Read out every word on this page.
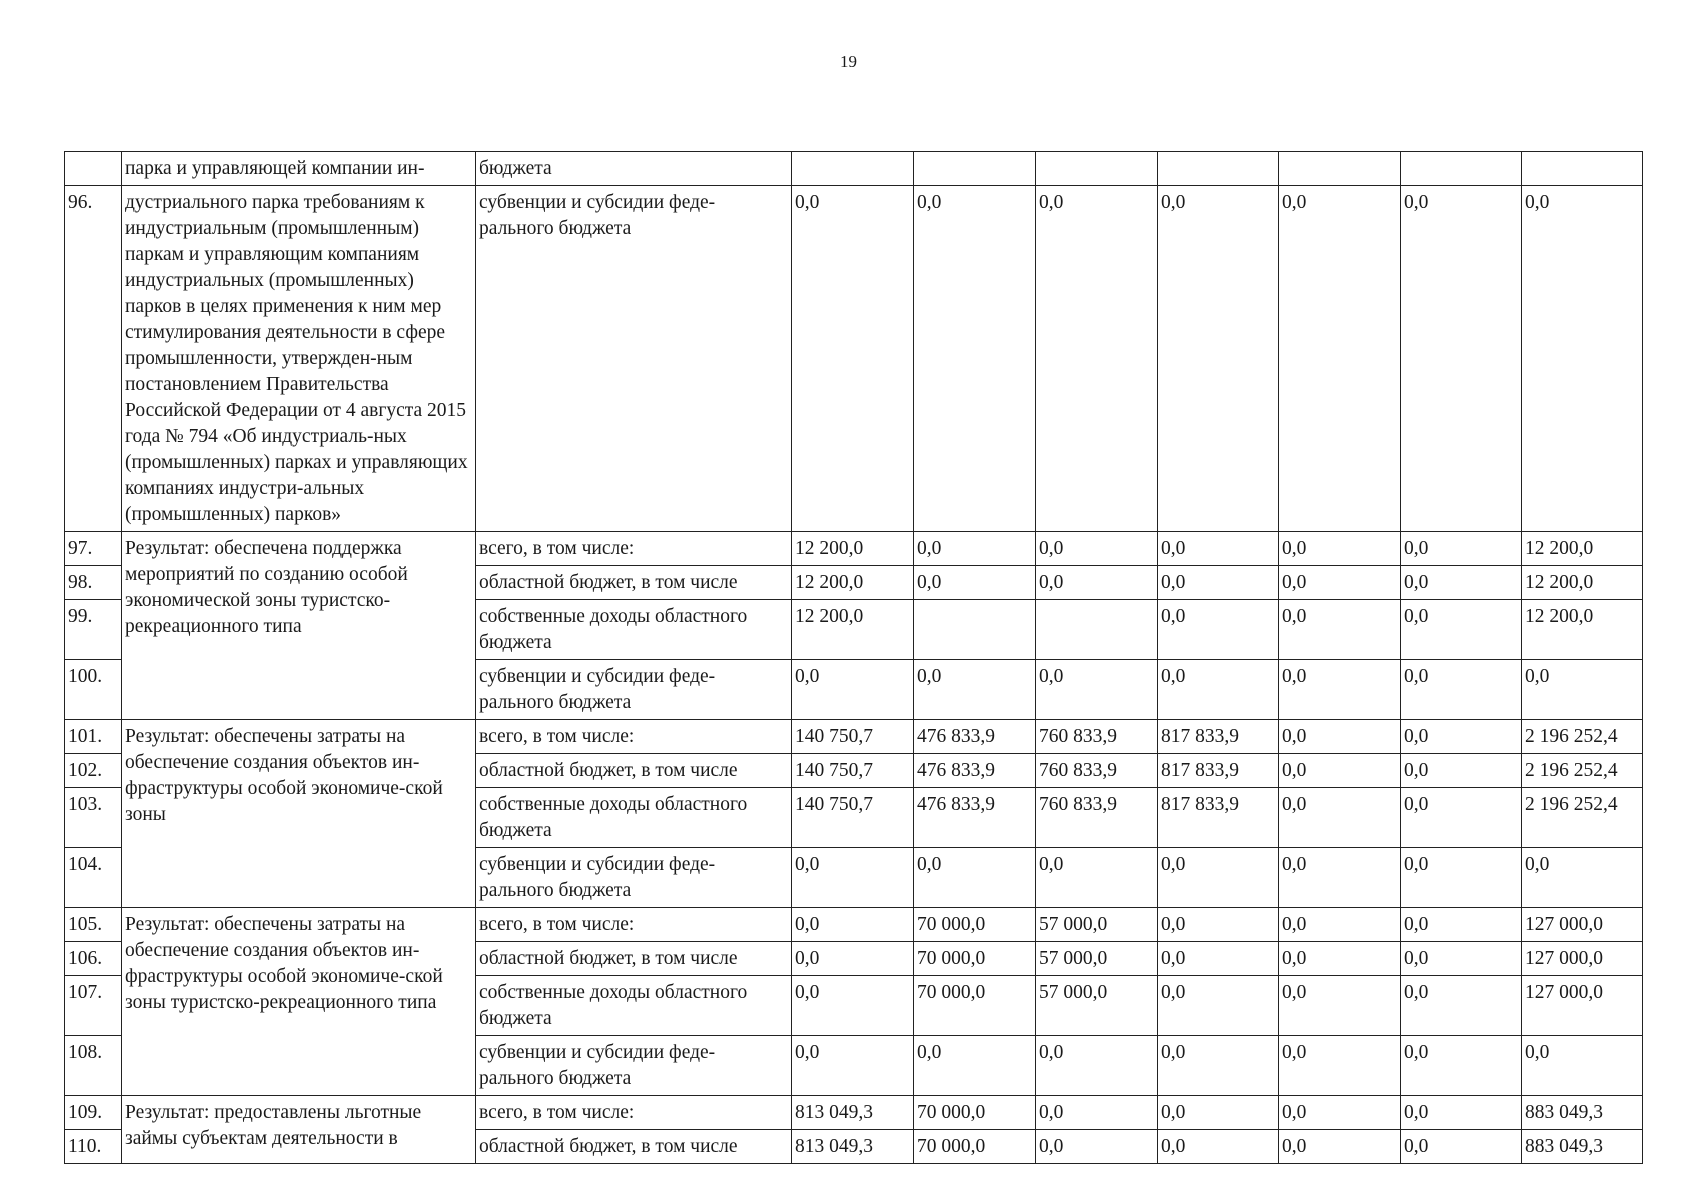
19
	парка и управляющей компании ин-	бюджета							
96.	дустриального парка требованиям к индустриальным (промышленным) паркам и управляющим компаниям индустриальных (промышленных) парков в целях применения к ним мер стимулирования деятельности в сфере промышленности, утвержден-ным постановлением Правительства Российской Федерации от 4 августа 2015 года № 794 «Об индустриаль-ных (промышленных) парках и управляющих компаниях индустри-альных (промышленных) парков»	субвенции и субсидии феде-рального бюджета	0,0	0,0	0,0	0,0	0,0	0,0	0,0
97.	Результат: обеспечена поддержка мероприятий по созданию особой экономической зоны туристско-рекреационного типа	всего, в том числе:	12 200,0	0,0	0,0	0,0	0,0	0,0	12 200,0
98.		областной бюджет, в том числе	12 200,0	0,0	0,0	0,0	0,0	0,0	12 200,0
99.		собственные доходы областного бюджета	12 200,0			0,0	0,0	0,0	12 200,0
100.		субвенции и субсидии феде-рального бюджета	0,0	0,0	0,0	0,0	0,0	0,0	0,0
101.	Результат: обеспечены затраты на обеспечение создания объектов ин-фраструктуры особой экономиче-ской зоны	всего, в том числе:	140 750,7	476 833,9	760 833,9	817 833,9	0,0	0,0	2 196 252,4
102.		областной бюджет, в том числе	140 750,7	476 833,9	760 833,9	817 833,9	0,0	0,0	2 196 252,4
103.		собственные доходы областного бюджета	140 750,7	476 833,9	760 833,9	817 833,9	0,0	0,0	2 196 252,4
104.		субвенции и субсидии феде-рального бюджета	0,0	0,0	0,0	0,0	0,0	0,0	0,0
105.	Результат: обеспечены затраты на обеспечение создания объектов ин-фраструктуры особой экономиче-ской зоны туристско-рекреационного типа	всего, в том числе:	0,0	70 000,0	57 000,0	0,0	0,0	0,0	127 000,0
106.		областной бюджет, в том числе	0,0	70 000,0	57 000,0	0,0	0,0	0,0	127 000,0
107.		собственные доходы областного бюджета	0,0	70 000,0	57 000,0	0,0	0,0	0,0	127 000,0
108.		субвенции и субсидии феде-рального бюджета	0,0	0,0	0,0	0,0	0,0	0,0	0,0
109.	Результат: предоставлены льготные займы субъектам деятельности в	всего, в том числе:	813 049,3	70 000,0	0,0	0,0	0,0	0,0	883 049,3
110.		областной бюджет, в том числе	813 049,3	70 000,0	0,0	0,0	0,0	0,0	883 049,3
